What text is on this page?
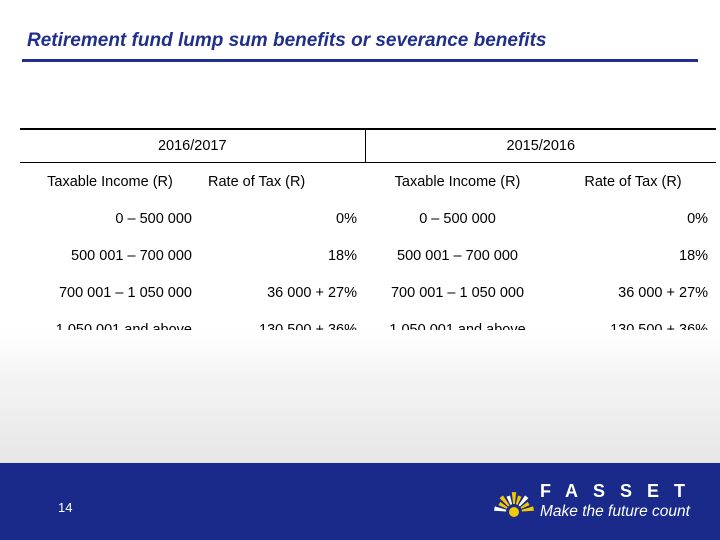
Retirement fund lump sum benefits or severance benefits
2016/2017		2015/2016	
Taxable Income (R)	Rate of Tax (R)	Taxable Income (R)	Rate of Tax (R)
0 – 500 000	0%	0 – 500 000	0%
500 001 – 700 000	18%	500 001 – 700 000	18%
700 001 – 1 050 000	36 000 + 27%	700 001 – 1 050 000	36 000 + 27%

14
FASSET
Make the future count
